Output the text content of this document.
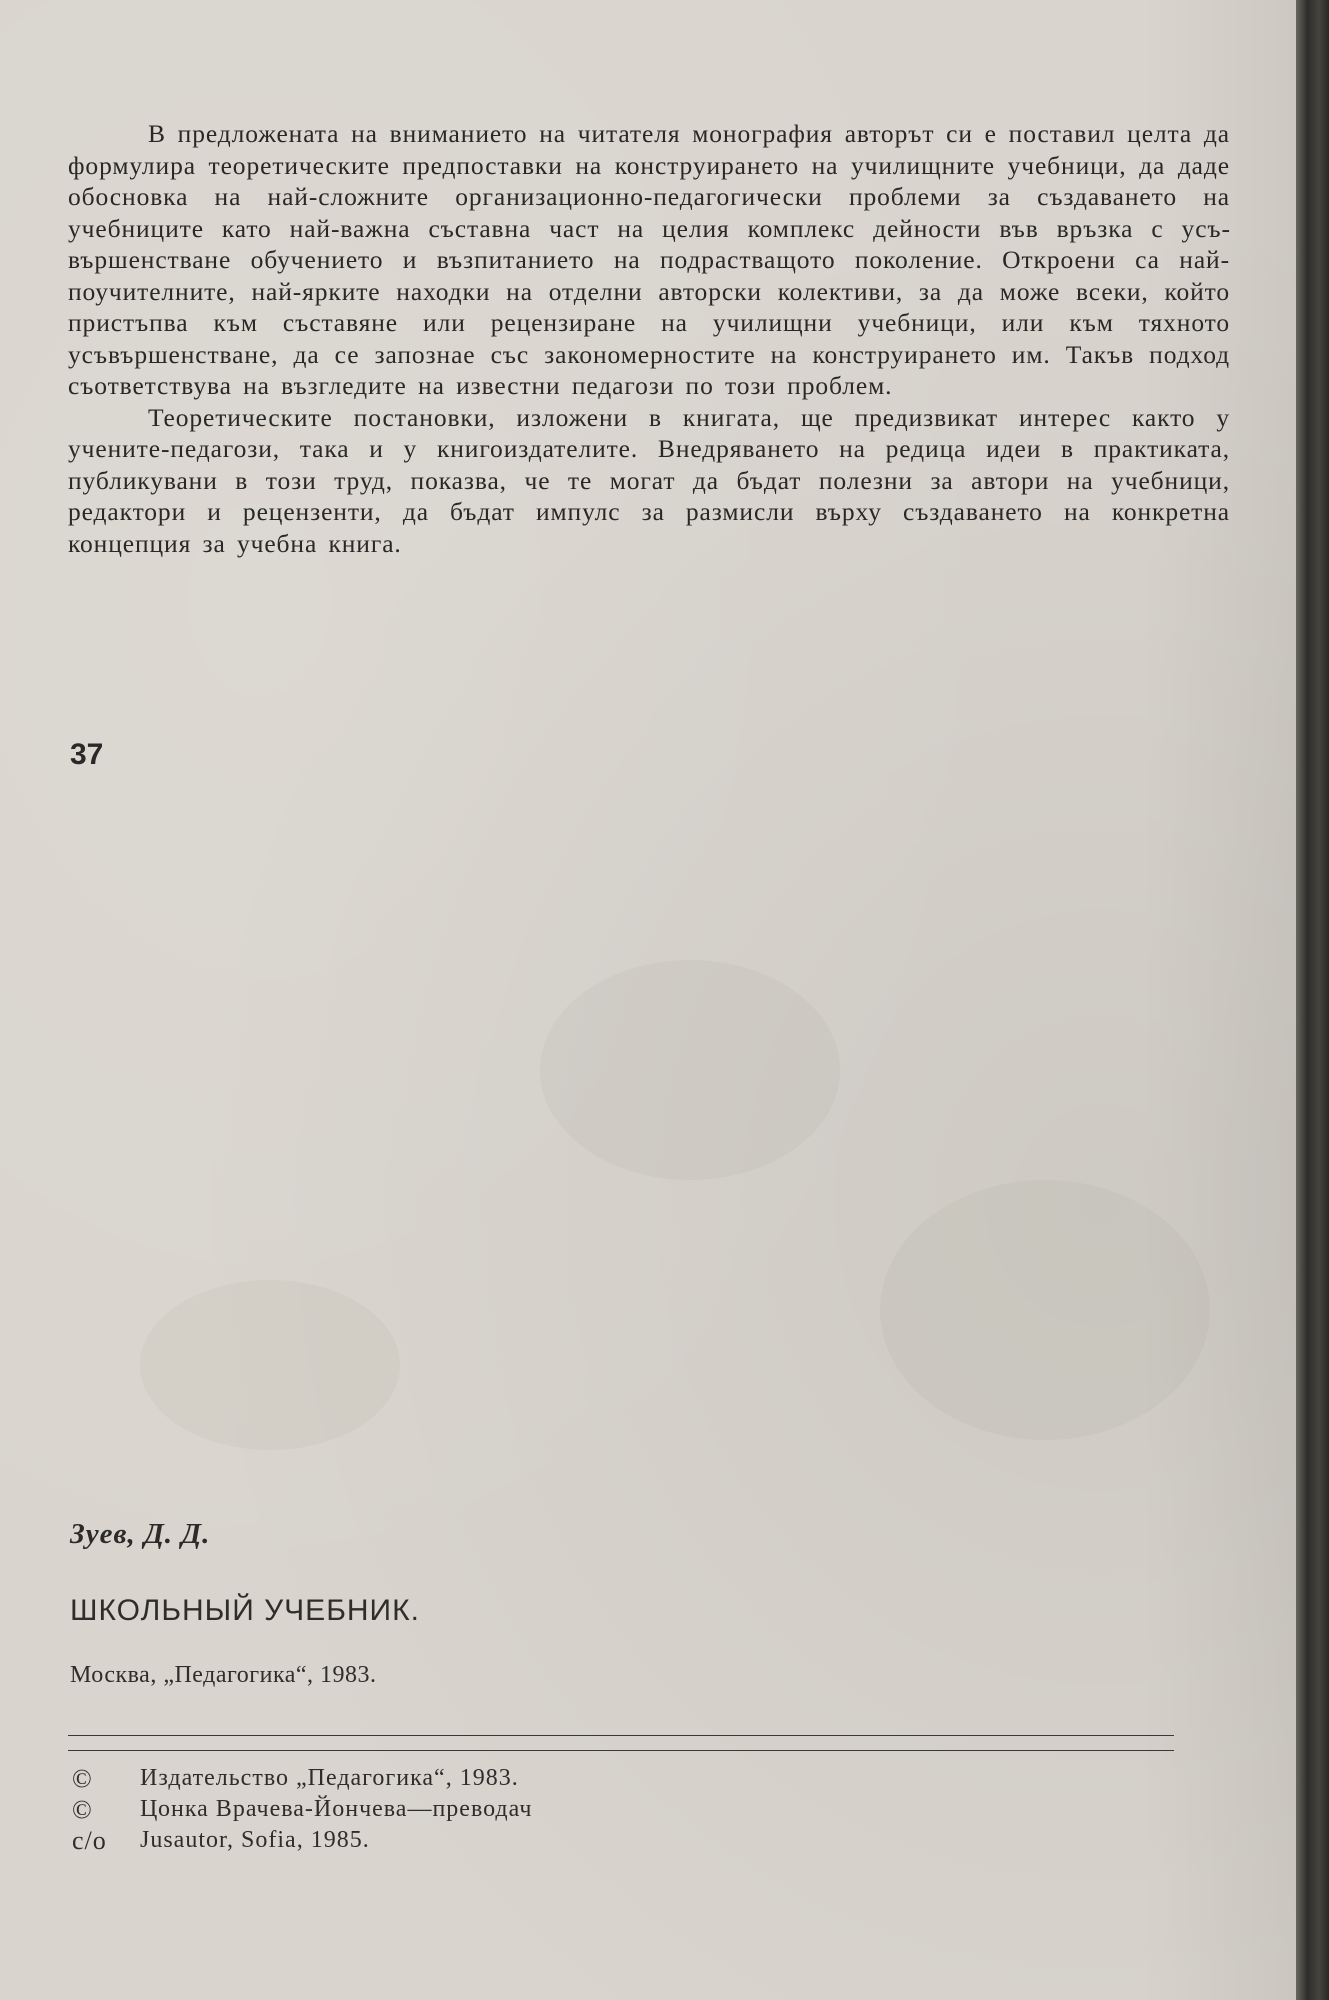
В предложената на вниманието на читателя монография авторът си е поставил целта да формулира теоретическите предпоставки на конструирането на училищните учебници, да даде обосновка на най-сложните организационно-педагогически проблеми за създаването на учебниците като най-важна съставна част на целия комплекс дейности във връзка с усъвършенстване обучението и възпитанието на подрастващото поколение. Откроени са най-поучителните, най-ярките находки на отделни авторски колективи, за да може всеки, който пристъпва към съставяне или рецензиране на училищни учебници, или към тяхното усъвършенстване, да се запознае със закономерностите на конструирането им. Такъв подход съответствува на възгледите на известни педагози по този проблем.

Теоретическите постановки, изложени в книгата, ще предизвикат интерес както у учените-педагози, така и у книгоиздателите. Внедряването на редица идеи в практиката, публикувани в този труд, показва, че те могат да бъдат полезни за автори на учебници, редактори и рецензенти, да бъдат импулс за размисли върху създаването на конкретна концепция за учебна книга.

37
Зуев, Д. Д.
ШКОЛЬНЫЙ УЧЕБНИК.
Москва, „Педагогика“, 1983.
©	Издательство „Педагогика“, 1983.
©	Цонка Врачева-Йончева—преводач
c/o	Jusautor, Sofia, 1985.
